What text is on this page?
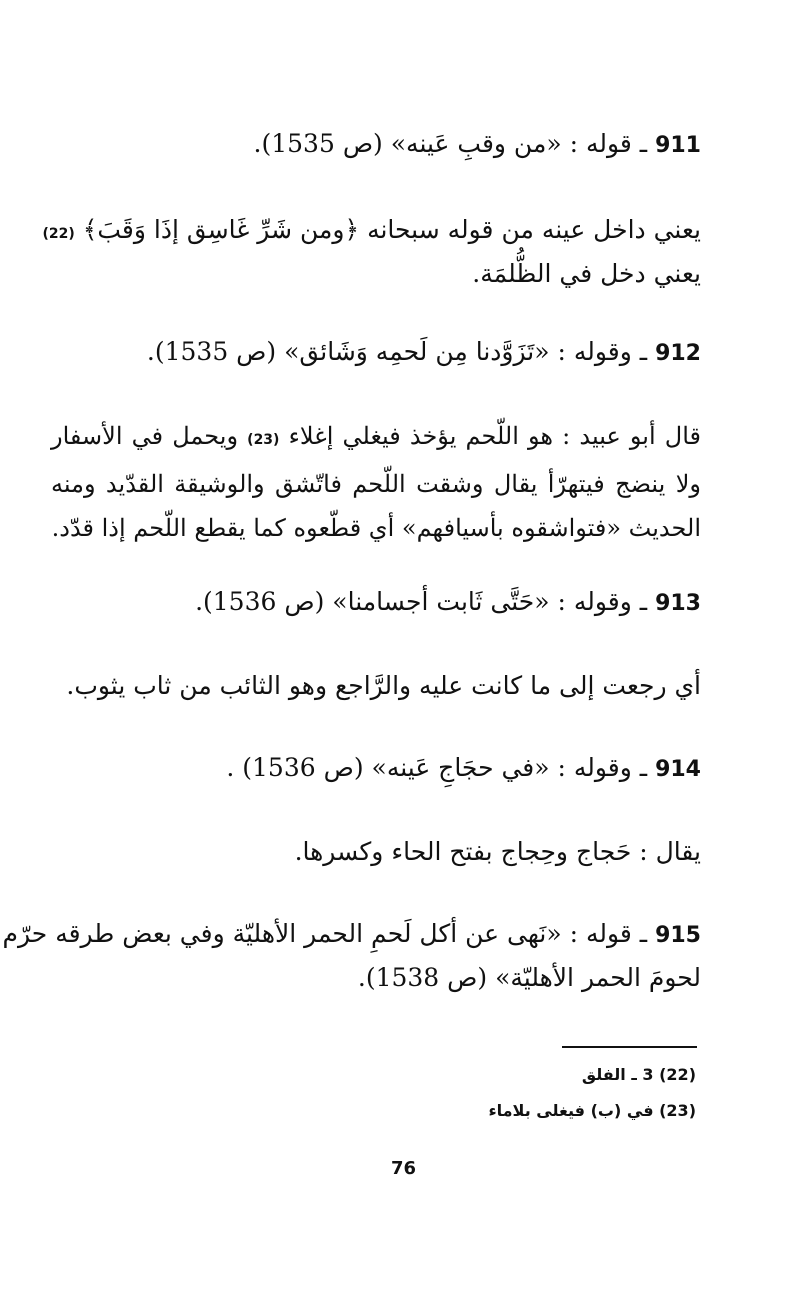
911 ـ قوله : «من وقبِ عَينه» (ص 1535).
يعني داخل عينه من قوله سبحانه ﴿ومن شَرِّ غَاسِق إذَا وَقَبَ﴾ (22)
يعني دخل في الظُّلمَة.
912 ـ وقوله : «تَزَوَّدنا مِن لَحمِه وَشَائق» (ص 1535).
قال أبو عبيد : هو اللّحم يؤخذ فيغلي إغلاء (23) ويحمل في الأسفار ولا ينضج فيتهرّأ يقال وشقت اللّحم فاتّشق والوشيقة القدّيد ومنه الحديث «فتواشقوه بأسيافهم» أي قطّعوه كما يقطع اللّحم إذا قدّد.
913 ـ وقوله : «حَتَّى ثَابت أجسامنا» (ص 1536).
أي رجعت إلى ما كانت عليه والرَّاجع وهو الثائب من ثاب يثوب.
914 ـ وقوله : «في حجَاجِ عَينه» (ص 1536) .
يقال : حَجاج وحِجاج بفتح الحاء وكسرها.
915 ـ قوله : «نَهى عن أكل لَحمِ الحمر الأهليّة وفي بعض طرقه حرّم
لحومَ الحمر الأهليّة» (ص 1538).
(22) 3 ـ الفلق
(23) في (ب) فيغلى بلاماء
76
